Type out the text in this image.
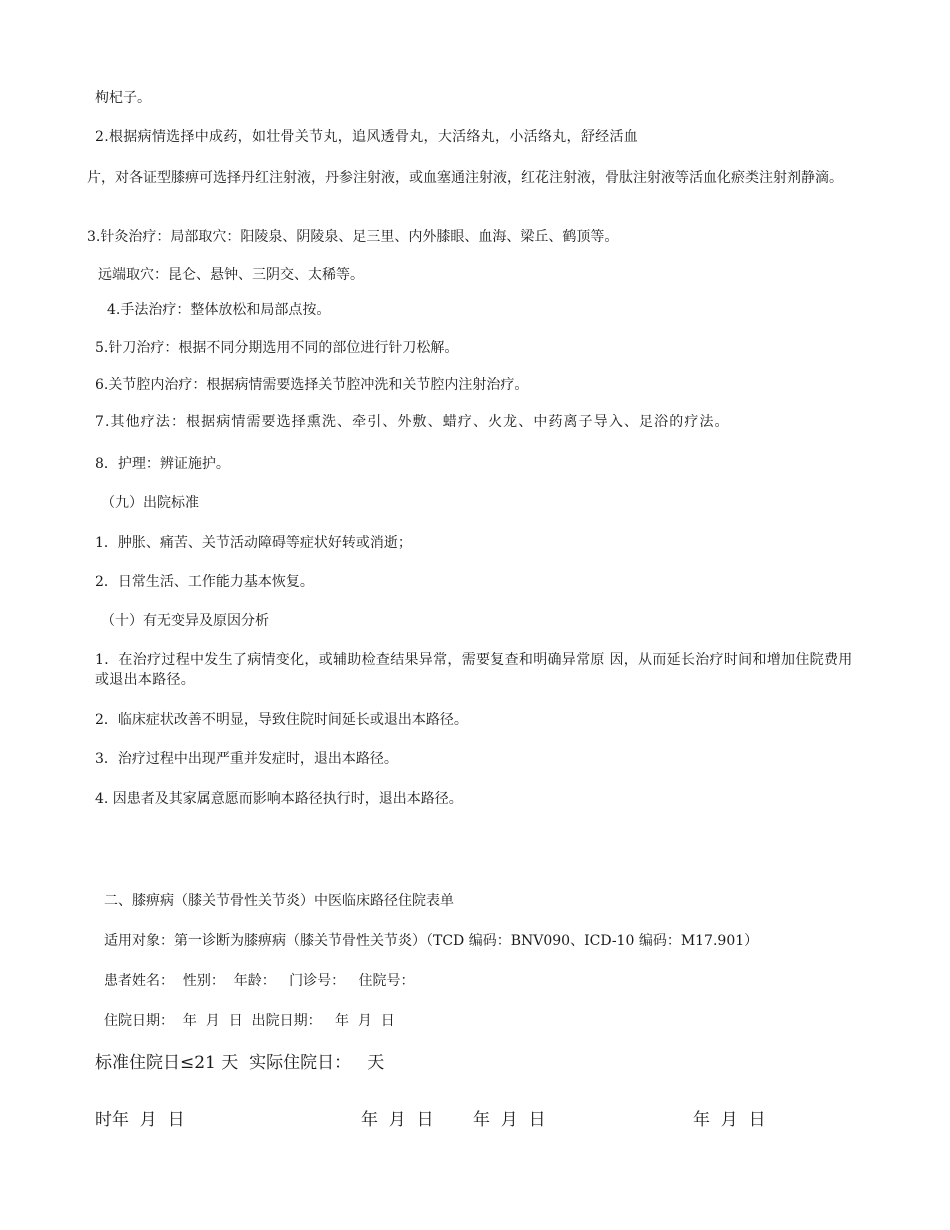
枸杞子。
2.根据病情选择中成药，如壮骨关节丸，追风透骨丸，大活络丸，小活络丸，舒经活血
片，对各证型膝痹可选择丹红注射液，丹参注射液，或血塞通注射液，红花注射液，骨肽注射液等活血化瘀类注射剂静滴。
3.针灸治疗：局部取穴：阳陵泉、阴陵泉、足三里、内外膝眼、血海、梁丘、鹤顶等。
远端取穴：昆仑、悬钟、三阴交、太稀等。
4.手法治疗：整体放松和局部点按。
5.针刀治疗：根据不同分期选用不同的部位进行针刀松解。
6.关节腔内治疗：根据病情需要选择关节腔冲洗和关节腔内注射治疗。
7.其他疗法：根据病情需要选择熏洗、牵引、外敷、蜡疗、火龙、中药离子导入、足浴的疗法。
8．护理：辨证施护。
（九）出院标准
1．肿胀、痛苦、关节活动障碍等症状好转或消逝；
2．日常生活、工作能力基本恢复。
（十）有无变异及原因分析
1．在治疗过程中发生了病情变化，或辅助检查结果异常，需要复查和明确异常原 因，从而延长治疗时间和增加住院费用或退出本路径。
2．临床症状改善不明显，导致住院时间延长或退出本路径。
3．治疗过程中出现严重并发症时，退出本路径。
4. 因患者及其家属意愿而影响本路径执行时，退出本路径。
二、膝痹病（膝关节骨性关节炎）中医临床路径住院表单
适用对象：第一诊断为膝痹病（膝关节骨性关节炎）（TCD 编码：BNV090、ICD-10 编码：M17.901）
患者姓名：  性别：  年龄：   门诊号：   住院号：
住院日期：  年  月  日  出院日期：   年  月  日
标准住院日≤21 天  实际住院日：   天
时年  月  日	年  月  日 年  月  日	年  月  日
